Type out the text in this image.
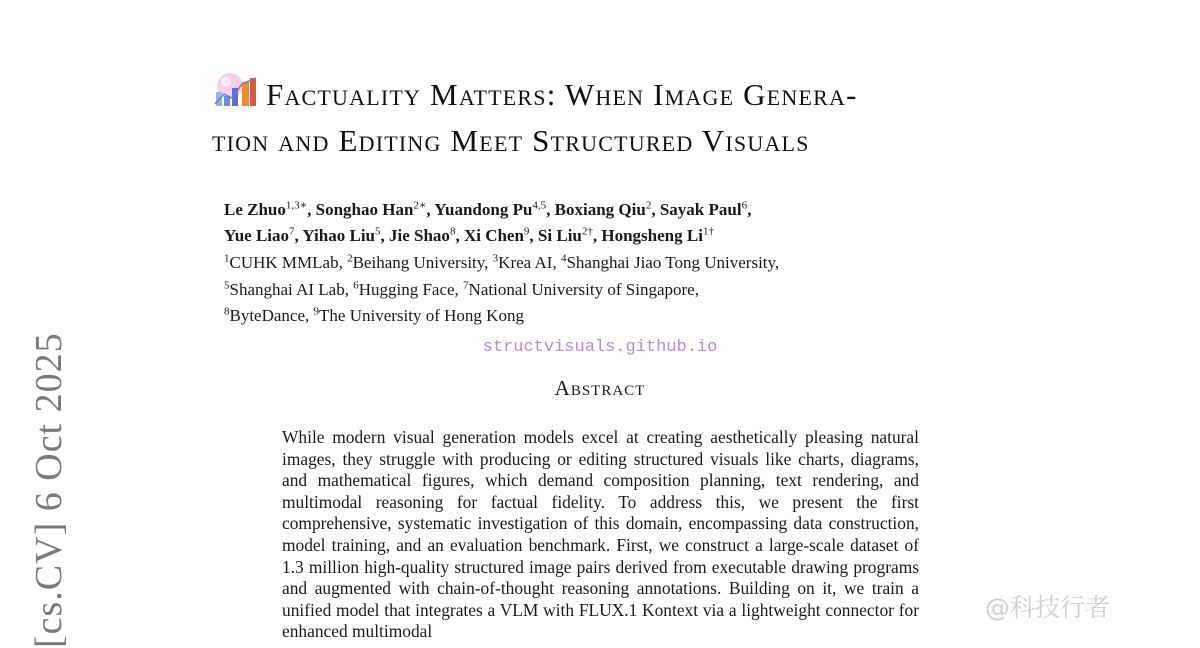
[cs.CV] 6 Oct 2025
Factuality Matters: When Image Genera-
tion and Editing Meet Structured Visuals
Le Zhuo$^{1,3∗}$, Songhao Han$^{2∗}$, Yuandong Pu$^{4,5}$, Boxiang Qiu$^2$, Sayak Paul$^6$,
Yue Liao$^7$, Yihao Liu$^5$, Jie Shao$^8$, Xi Chen$^9$, Si Liu$^{2\dagger}$, Hongsheng $Li^{1\dagger}$
$^1$CUHK MMLab, $^2$Beihang University, $^3$Krea AI, $^4$Shanghai Jiao Tong University,
$^5$Shanghai AI Lab, $^6$Hugging Face, $^7$National University of Singapore,
$^8$ByteDance, $^9$The University of Hong Kong
structvisuals.github.io
Abstract
While modern visual generation models excel at creating aesthetically pleasing natural images, they struggle with producing or editing structured visuals like charts, diagrams, and mathematical figures, which demand composition planning, text rendering, and multimodal reasoning for factual fidelity. To address this, we present the first comprehensive, systematic investigation of this domain, encompassing data construction, model training, and an evaluation benchmark. First, we construct a large-scale dataset of 1.3 million high-quality structured image pairs derived from executable drawing programs and augmented with chain-of-thought reasoning annotations. Building on it, we train a unified model that integrates a VLM with FLUX.1 Kontext via a lightweight connector for enhanced multimodal
@科技行者
